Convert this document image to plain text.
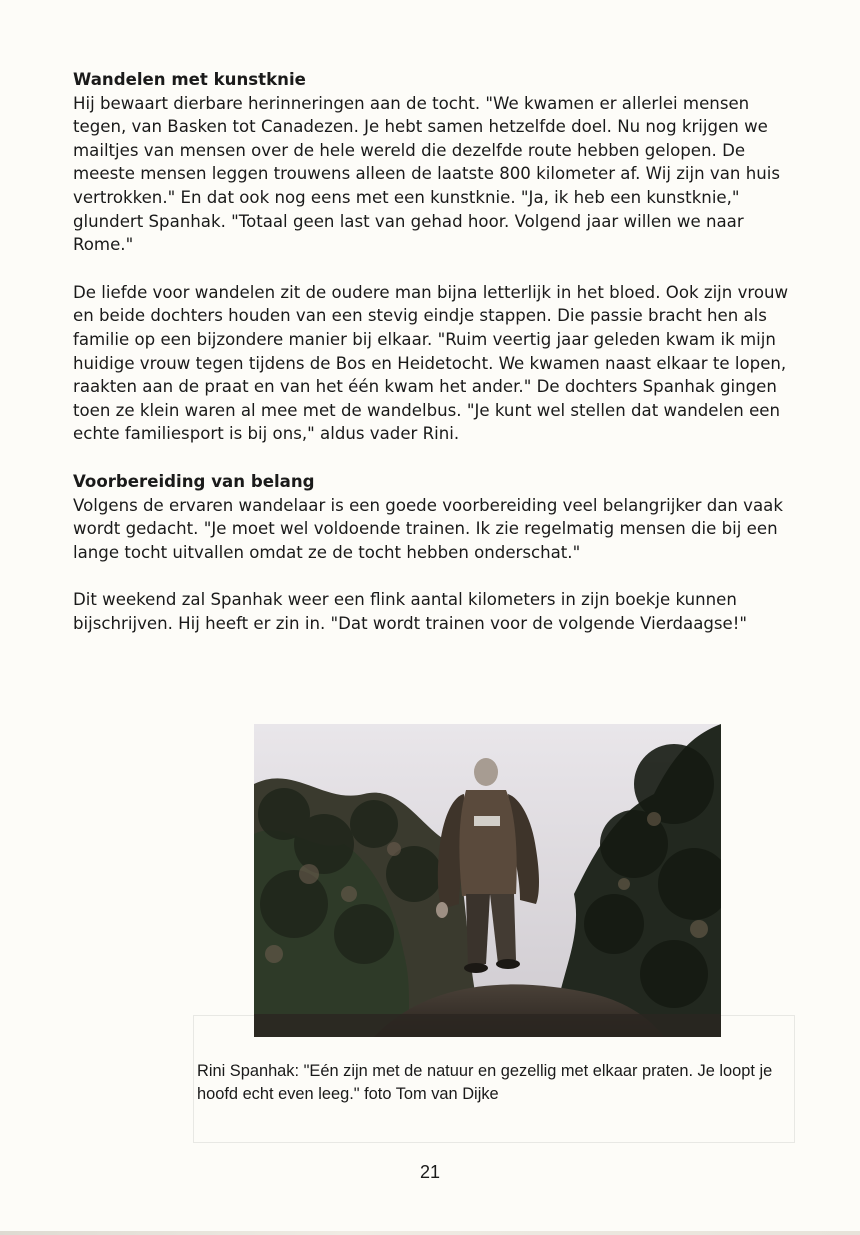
Wandelen met kunstknie

Hij bewaart dierbare herinneringen aan de tocht. "We kwamen er allerlei mensen tegen, van Basken tot Canadezen. Je hebt samen hetzelfde doel. Nu nog krijgen we mailtjes van mensen over de hele wereld die dezelfde route hebben gelopen. De meeste mensen leggen trouwens alleen de laatste 800 kilometer af. Wij zijn van huis vertrokken." En dat ook nog eens met een kunstknie. "Ja, ik heb een kunstknie," glundert Spanhak. "Totaal geen last van gehad hoor. Volgend jaar willen we naar Rome."

De liefde voor wandelen zit de oudere man bijna letterlijk in het bloed. Ook zijn vrouw en beide dochters houden van een stevig eindje stappen. Die passie bracht hen als familie op een bijzondere manier bij elkaar. "Ruim veertig jaar geleden kwam ik mijn huidige vrouw tegen tijdens de Bos en Heidetocht. We kwamen naast elkaar te lopen, raakten aan de praat en van het één kwam het ander." De dochters Spanhak gingen toen ze klein waren al mee met de wandelbus. "Je kunt wel stellen dat wandelen een echte familiesport is bij ons," aldus vader Rini.

Voorbereiding van belang

Volgens de ervaren wandelaar is een goede voorbereiding veel belangrijker dan vaak wordt gedacht. "Je moet wel voldoende trainen. Ik zie regelmatig mensen die bij een lange tocht uitvallen omdat ze de tocht hebben onderschat."

Dit weekend zal Spanhak weer een flink aantal kilometers in zijn boekje kunnen bijschrijven. Hij heeft er zin in. "Dat wordt trainen voor de volgende Vierdaagse!"

Rini Spanhak: "Eén zijn met de natuur en gezellig met elkaar praten. Je loopt je hoofd echt even leeg." foto Tom van Dijke
21
